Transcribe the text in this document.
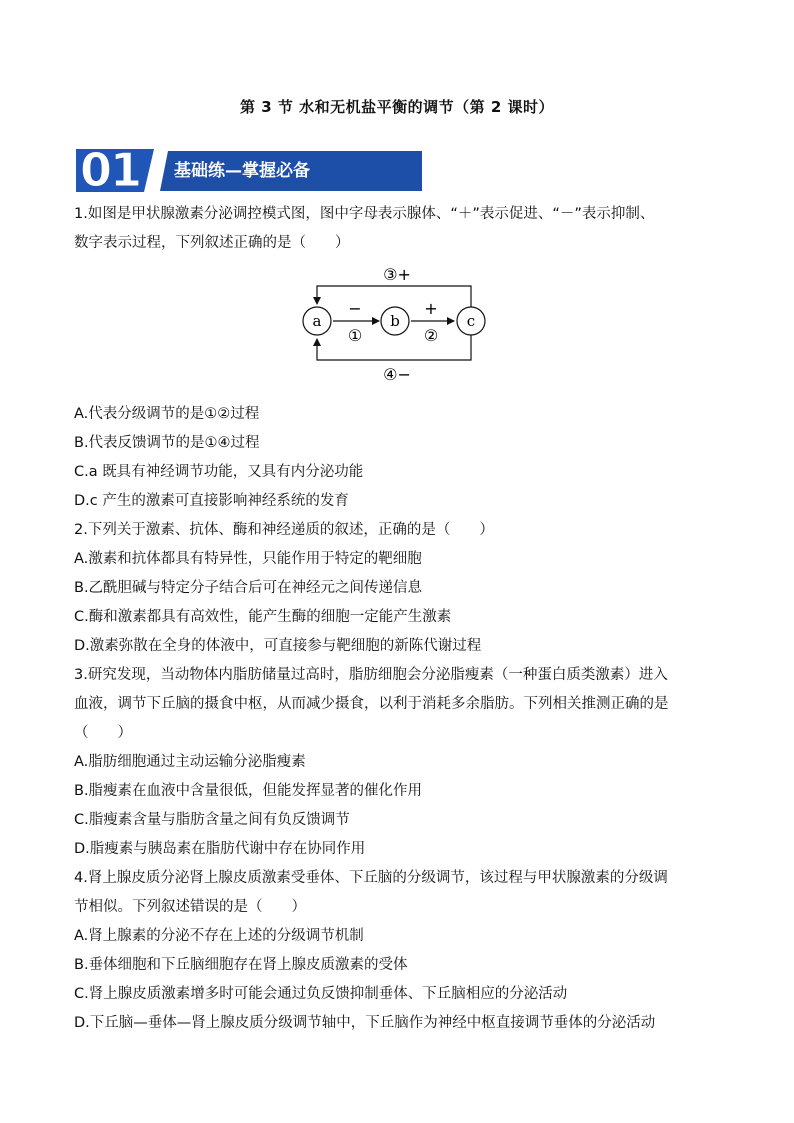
第 3 节 水和无机盐平衡的调节（第 2 课时）
01 基础练—掌握必备
1.如图是甲状腺激素分泌调控模式图，图中字母表示腺体、“＋”表示促进、“－”表示抑制、
数字表示过程，下列叙述正确的是（　　）
a	b	c
③+
④−
−
①
+
②
A.代表分级调节的是①②过程
B.代表反馈调节的是①④过程
C.a 既具有神经调节功能，又具有内分泌功能
D.c 产生的激素可直接影响神经系统的发育
2.下列关于激素、抗体、酶和神经递质的叙述，正确的是（　　）
A.激素和抗体都具有特异性，只能作用于特定的靶细胞
B.乙酰胆碱与特定分子结合后可在神经元之间传递信息
C.酶和激素都具有高效性，能产生酶的细胞一定能产生激素
D.激素弥散在全身的体液中，可直接参与靶细胞的新陈代谢过程
3.研究发现，当动物体内脂肪储量过高时，脂肪细胞会分泌脂瘦素（一种蛋白质类激素）进入
血液，调节下丘脑的摄食中枢，从而减少摄食，以利于消耗多余脂肪。下列相关推测正确的是
（　　）
A.脂肪细胞通过主动运输分泌脂瘦素
B.脂瘦素在血液中含量很低，但能发挥显著的催化作用
C.脂瘦素含量与脂肪含量之间有负反馈调节
D.脂瘦素与胰岛素在脂肪代谢中存在协同作用
4.肾上腺皮质分泌肾上腺皮质激素受垂体、下丘脑的分级调节，该过程与甲状腺激素的分级调
节相似。下列叙述错误的是（　　）
A.肾上腺素的分泌不存在上述的分级调节机制
B.垂体细胞和下丘脑细胞存在肾上腺皮质激素的受体
C.肾上腺皮质激素增多时可能会通过负反馈抑制垂体、下丘脑相应的分泌活动
D.下丘脑—垂体—肾上腺皮质分级调节轴中，下丘脑作为神经中枢直接调节垂体的分泌活动
